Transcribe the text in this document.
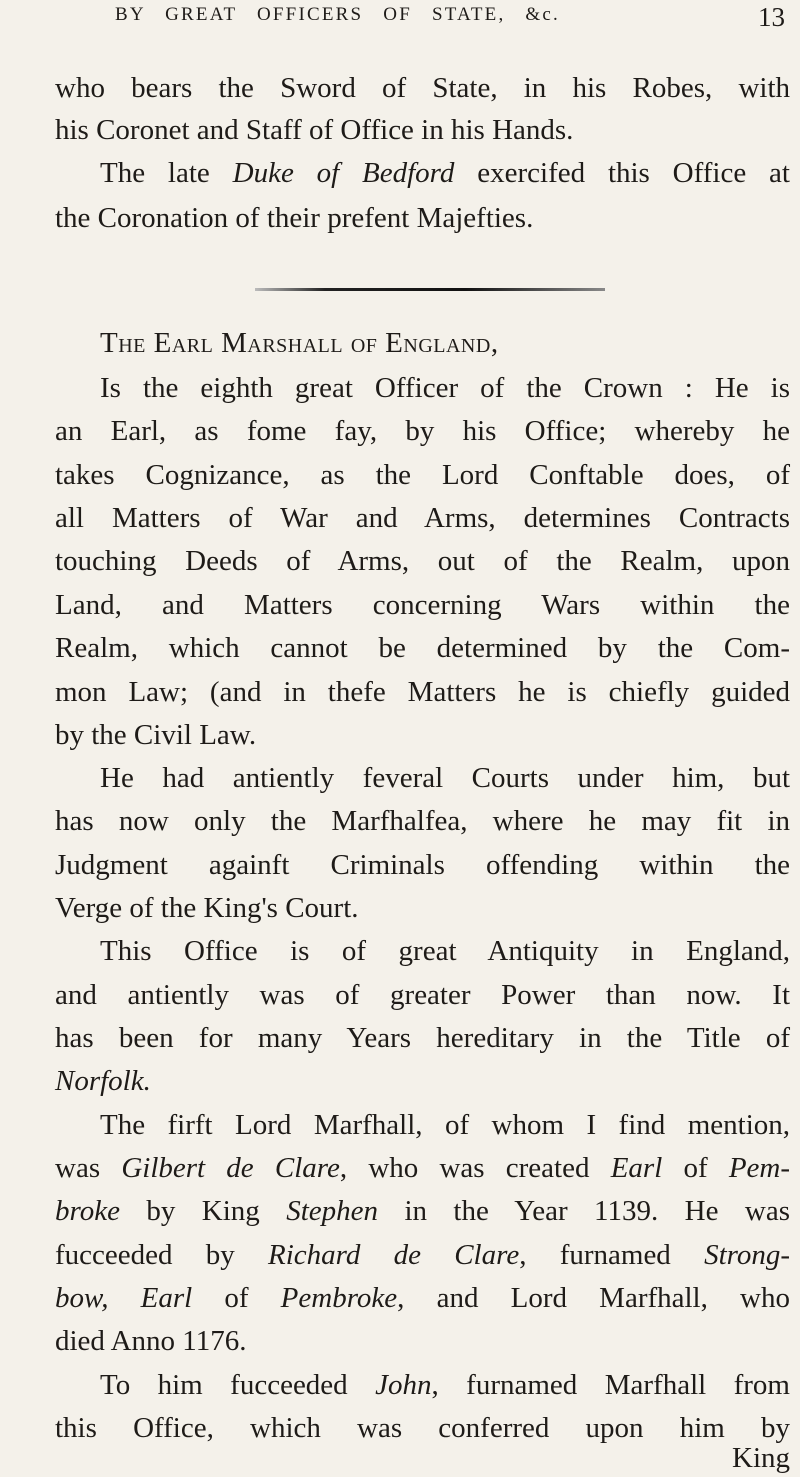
BY GREAT OFFICERS OF STATE, &c.	13
who bears the Sword of State, in his Robes, with
his Coronet and Staff of Office in his Hands.
The late Duke of Bedford exercifed this Office at
the Coronation of their prefent Majefties.
The Earl Marshall of England,
Is the eighth great Officer of the Crown : He is
an Earl, as fome fay, by his Office; whereby he
takes Cognizance, as the Lord Conftable does, of
all Matters of War and Arms, determines Contracts
touching Deeds of Arms, out of the Realm, upon
Land, and Matters concerning Wars within the
Realm, which cannot be determined by the Com-
mon Law; (and in thefe Matters he is chiefly guided
by the Civil Law.
He had antiently feveral Courts under him, but
has now only the Marfhalfea, where he may fit in
Judgment againft Criminals offending within the
Verge of the King's Court.
This Office is of great Antiquity in England,
and antiently was of greater Power than now. It
has been for many Years hereditary in the Title of
Norfolk.
The firft Lord Marfhall, of whom I find mention,
was Gilbert de Clare, who was created Earl of Pem-
broke by King Stephen in the Year 1139. He was
fucceeded by Richard de Clare, furnamed Strong-
bow, Earl of Pembroke, and Lord Marfhall, who
died Anno 1176.
To him fucceeded John, furnamed Marfhall from
this Office, which was conferred upon him by
King
